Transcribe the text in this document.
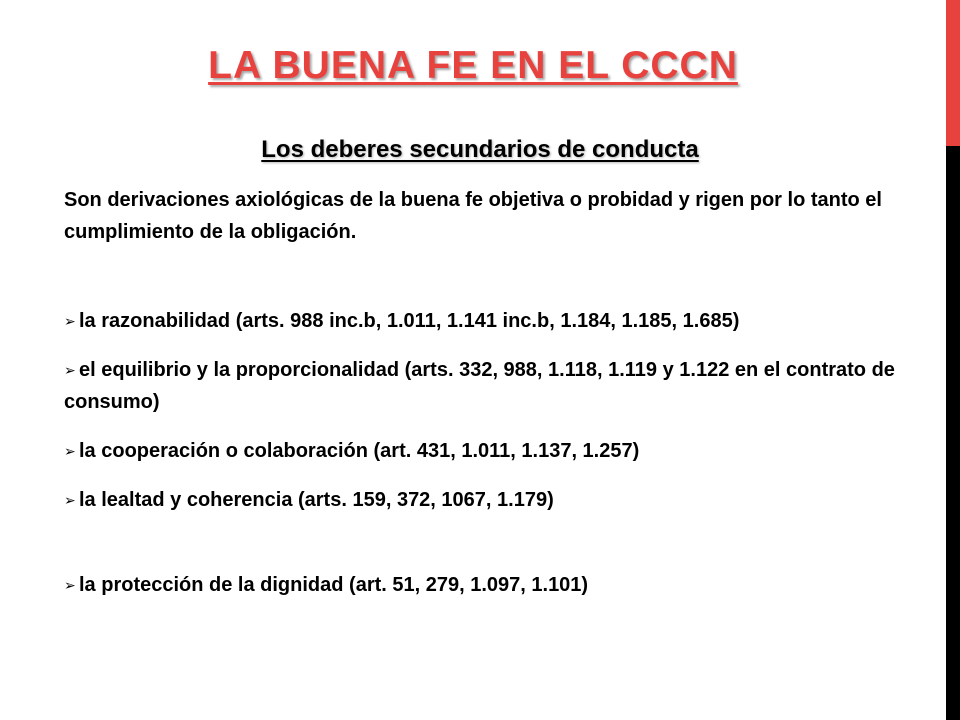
LA BUENA FE EN EL CCCN
Los deberes secundarios de conducta
Son derivaciones axiológicas de la buena fe objetiva o probidad y rigen por lo tanto el cumplimiento de la obligación.
➢ la razonabilidad (arts. 988 inc.b, 1.011, 1.141 inc.b, 1.184, 1.185, 1.685)
➢ el equilibrio y la proporcionalidad (arts. 332, 988, 1.118, 1.119 y 1.122 en el contrato de consumo)
➢ la cooperación o colaboración (art. 431, 1.011, 1.137, 1.257)
➢ la lealtad y coherencia (arts. 159, 372, 1067, 1.179)
➢ la protección de la dignidad (art. 51, 279, 1.097, 1.101)
